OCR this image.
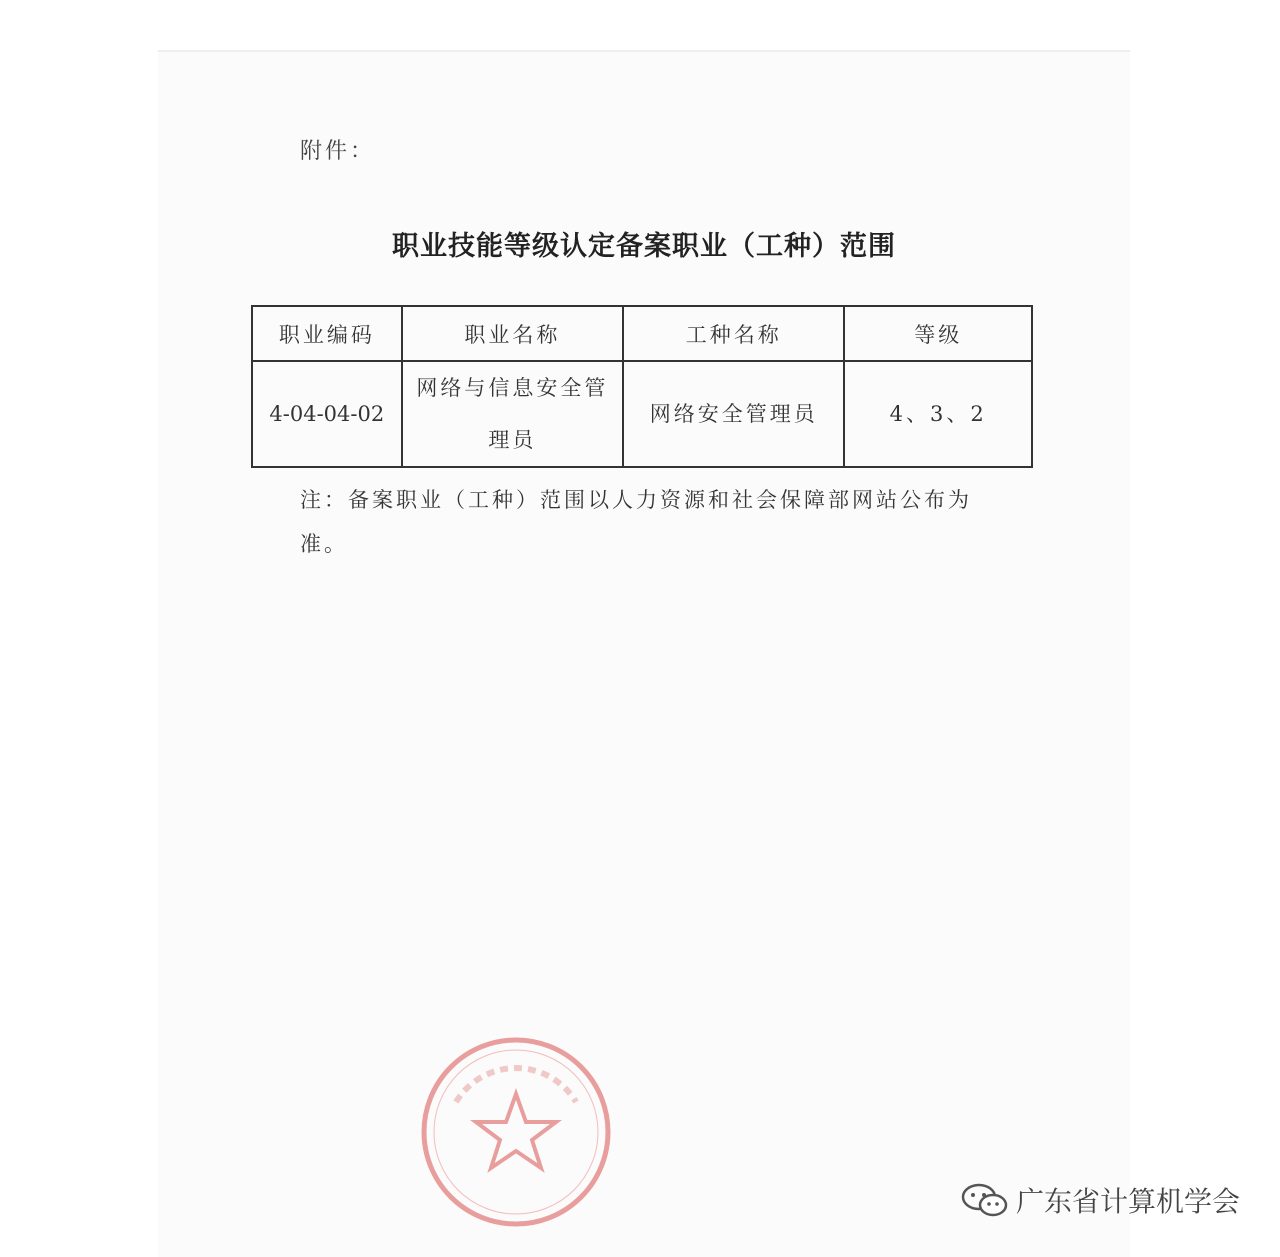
附件：
职业技能等级认定备案职业（工种）范围
职业编码	职业名称	工种名称	等级
4-04-04-02	网络与信息安全管理员	网络安全管理员	4、3、2
注：备案职业（工种）范围以人力资源和社会保障部网站公布为准。
广东省计算机学会
